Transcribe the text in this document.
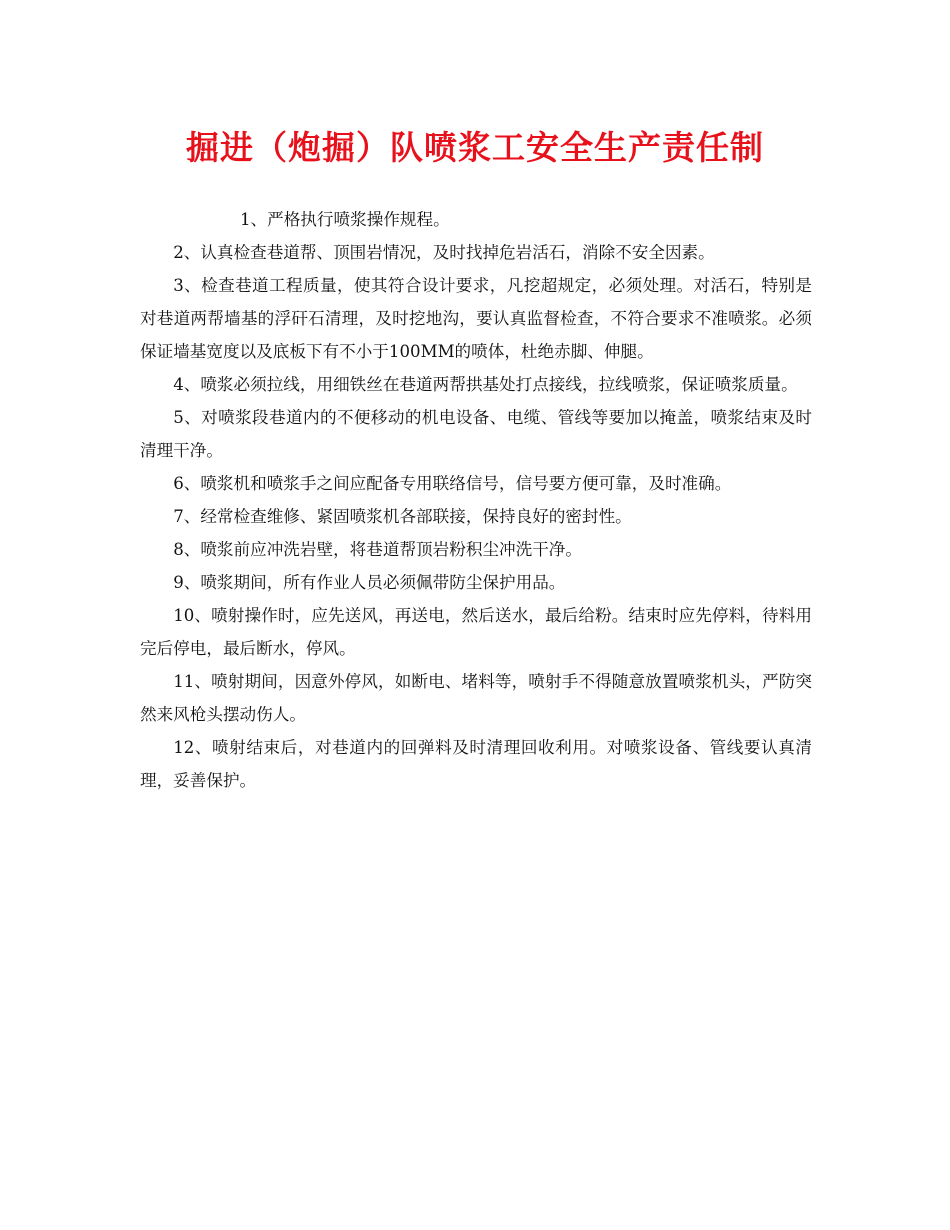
掘进（炮掘）队喷浆工安全生产责任制

1、严格执行喷浆操作规程。

2、认真检查巷道帮、顶围岩情况，及时找掉危岩活石，消除不安全因素。

3、检查巷道工程质量，使其符合设计要求，凡挖超规定，必须处理。对活石，特别是对巷道两帮墙基的浮矸石清理，及时挖地沟，要认真监督检查，不符合要求不准喷浆。必须保证墙基宽度以及底板下有不小于100MM的喷体，杜绝赤脚、伸腿。

4、喷浆必须拉线，用细铁丝在巷道两帮拱基处打点接线，拉线喷浆，保证喷浆质量。

5、对喷浆段巷道内的不便移动的机电设备、电缆、管线等要加以掩盖，喷浆结束及时清理干净。

6、喷浆机和喷浆手之间应配备专用联络信号，信号要方便可靠，及时准确。

7、经常检查维修、紧固喷浆机各部联接，保持良好的密封性。

8、喷浆前应冲洗岩壁，将巷道帮顶岩粉积尘冲洗干净。

9、喷浆期间，所有作业人员必须佩带防尘保护用品。

10、喷射操作时，应先送风，再送电，然后送水，最后给粉。结束时应先停料，待料用完后停电，最后断水，停风。

11、喷射期间，因意外停风，如断电、堵料等，喷射手不得随意放置喷浆机头，严防突然来风枪头摆动伤人。

12、喷射结束后，对巷道内的回弹料及时清理回收利用。对喷浆设备、管线要认真清理，妥善保护。
